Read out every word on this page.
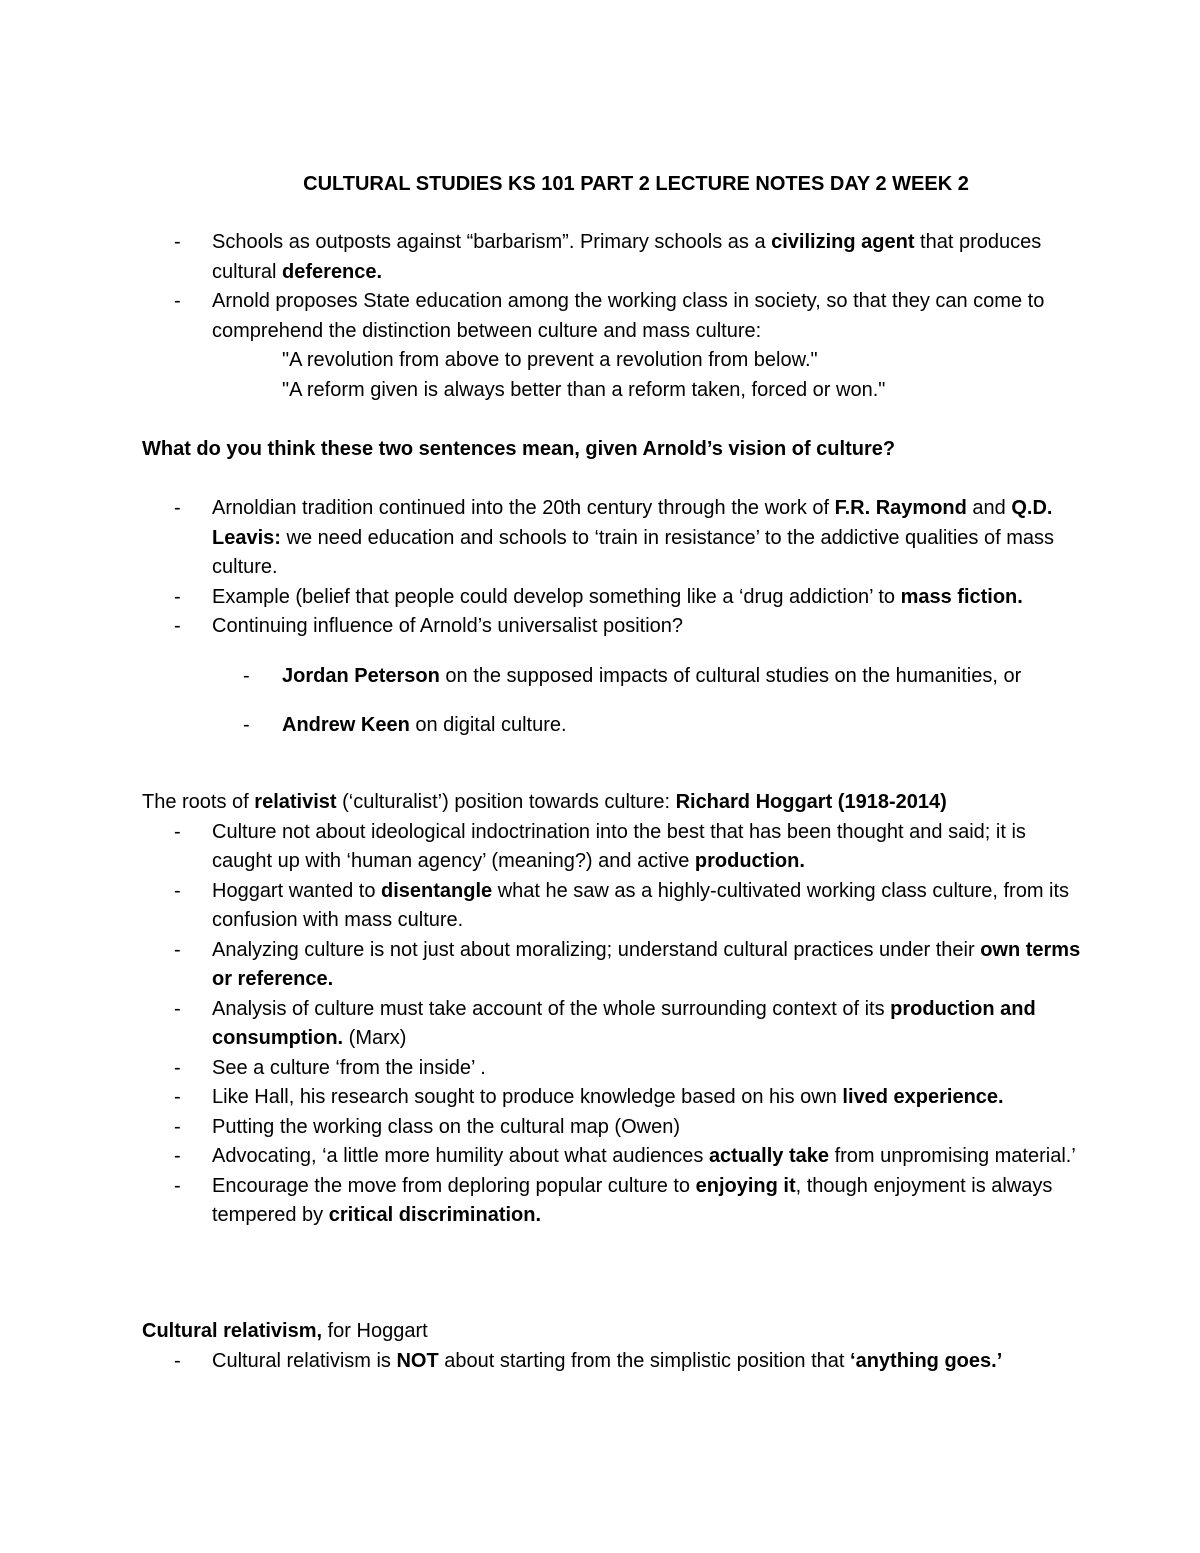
CULTURAL STUDIES KS 101 PART 2 LECTURE NOTES DAY 2 WEEK 2

- Schools as outposts against “barbarism”. Primary schools as a civilizing agent that produces cultural deference.

- Arnold proposes State education among the working class in society, so that they can come to comprehend the distinction between culture and mass culture:

"A revolution from above to prevent a revolution from below."

"A reform given is always better than a reform taken, forced or won."

What do you think these two sentences mean, given Arnold’s vision of culture?

- Arnoldian tradition continued into the 20th century through the work of F.R. Raymond and Q.D. Leavis: we need education and schools to ‘train in resistance’ to the addictive qualities of mass culture.

- Example (belief that people could develop something like a ‘drug addiction’ to mass fiction.

- Continuing influence of Arnold’s universalist position?

- Jordan Peterson on the supposed impacts of cultural studies on the humanities, or

- Andrew Keen on digital culture.

The roots of relativist (‘culturalist’) position towards culture: Richard Hoggart (1918-2014)

- Culture not about ideological indoctrination into the best that has been thought and said; it is caught up with ‘human agency’ (meaning?) and active production.

- Hoggart wanted to disentangle what he saw as a highly-cultivated working class culture, from its confusion with mass culture.

- Analyzing culture is not just about moralizing; understand cultural practices under their own terms or reference.

- Analysis of culture must take account of the whole surrounding context of its production and consumption. (Marx)

- See a culture ‘from the inside’ .

- Like Hall, his research sought to produce knowledge based on his own lived experience.

- Putting the working class on the cultural map (Owen)

- Advocating, ‘a little more humility about what audiences actually take from unpromising material.’

- Encourage the move from deploring popular culture to enjoying it, though enjoyment is always tempered by critical discrimination.

Cultural relativism, for Hoggart

- Cultural relativism is NOT about starting from the simplistic position that ‘anything goes.’
